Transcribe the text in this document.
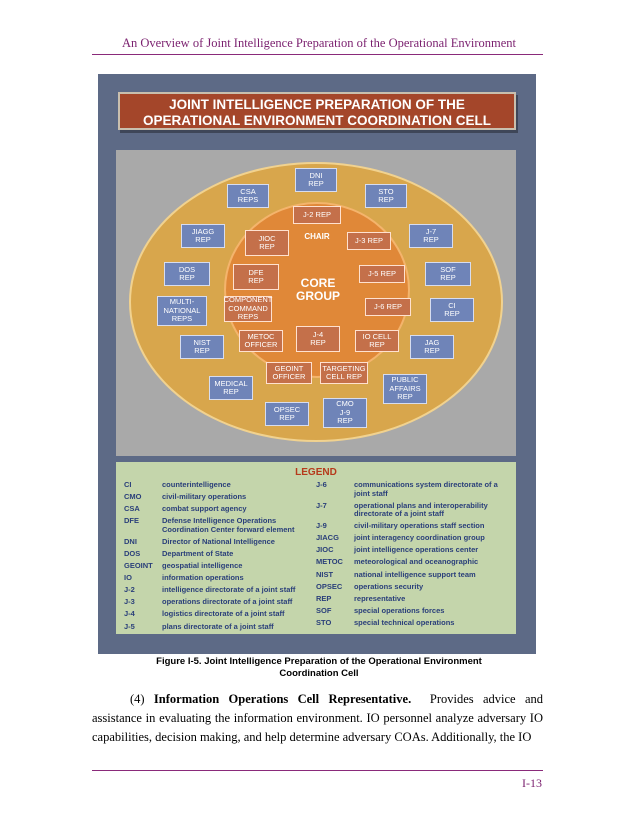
An Overview of Joint Intelligence Preparation of the Operational Environment
JOINT INTELLIGENCE PREPARATION OF THE
OPERATIONAL ENVIRONMENT COORDINATION CELL
DNI
REP
CSA
REPS
STO
REP
JIAGG
REP
J-7
REP
DOS
REP
SOF
REP
MULTI-
NATIONAL
REPS
CI
REP
NIST
REP
JAG
REP
MEDICAL
REP
PUBLIC
AFFAIRS
REP
OPSEC
REP
CMO
J-9
REP
CHAIR
CORE
GROUP
J-2 REP
JIOC
REP
J-3 REP
DFE
REP
J-5 REP
COMPONENT
COMMAND
REPS
J-6 REP
METOC
OFFICER
J-4
REP
IO CELL
REP
GEOINT
OFFICER
TARGETING
CELL REP
LEGEND
CI	counterintelligence
CMO	civil-military operations
CSA	combat support agency
DFE	Defense Intelligence Operations Coordination Center forward element
DNI	Director of National Intelligence
DOS	Department of State
GEOINT	geospatial intelligence
IO	information operations
J-2	intelligence directorate of a joint staff
J-3	operations directorate of a joint staff
J-4	logistics directorate of a joint staff
J-5	plans directorate of a joint staff
J-6	communications system directorate of a joint staff
J-7	operational plans and interoperability directorate of a joint staff
J-9	civil-military operations staff section
JIACG	joint interagency coordination group
JIOC	joint intelligence operations center
METOC	meteorological and oceanographic
NIST	national intelligence support team
OPSEC	operations security
REP	representative
SOF	special operations forces
STO	special technical operations
Figure I-5. Joint Intelligence Preparation of the Operational Environment
Coordination Cell
(4) Information Operations Cell Representative. Provides advice and assistance in evaluating the information environment. IO personnel analyze adversary IO capabilities, decision making, and help determine adversary COAs. Additionally, the IO
I-13
